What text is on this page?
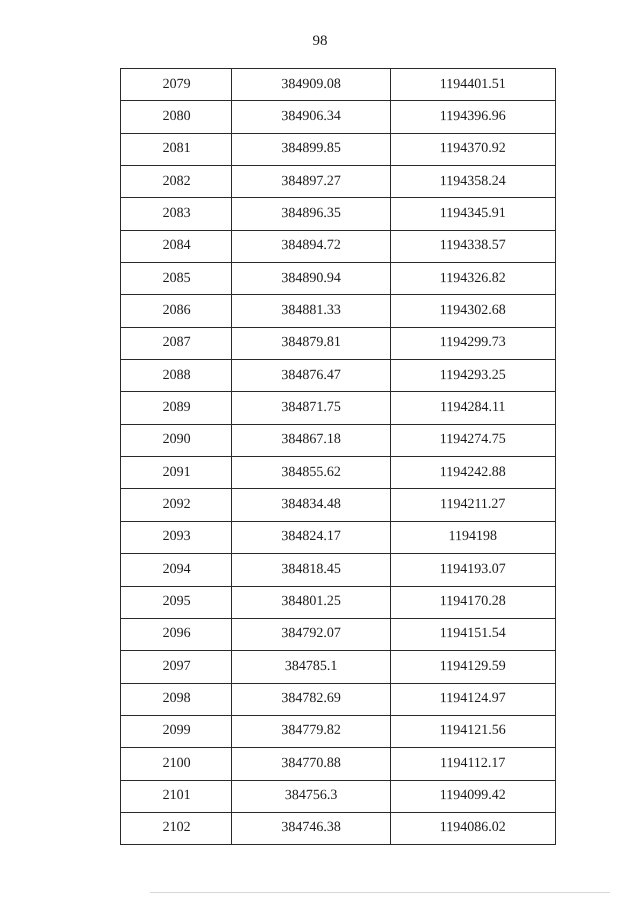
98
2079	384909.08	1194401.51
2080	384906.34	1194396.96
2081	384899.85	1194370.92
2082	384897.27	1194358.24
2083	384896.35	1194345.91
2084	384894.72	1194338.57
2085	384890.94	1194326.82
2086	384881.33	1194302.68
2087	384879.81	1194299.73
2088	384876.47	1194293.25
2089	384871.75	1194284.11
2090	384867.18	1194274.75
2091	384855.62	1194242.88
2092	384834.48	1194211.27
2093	384824.17	1194198
2094	384818.45	1194193.07
2095	384801.25	1194170.28
2096	384792.07	1194151.54
2097	384785.1	1194129.59
2098	384782.69	1194124.97
2099	384779.82	1194121.56
2100	384770.88	1194112.17
2101	384756.3	1194099.42
2102	384746.38	1194086.02
